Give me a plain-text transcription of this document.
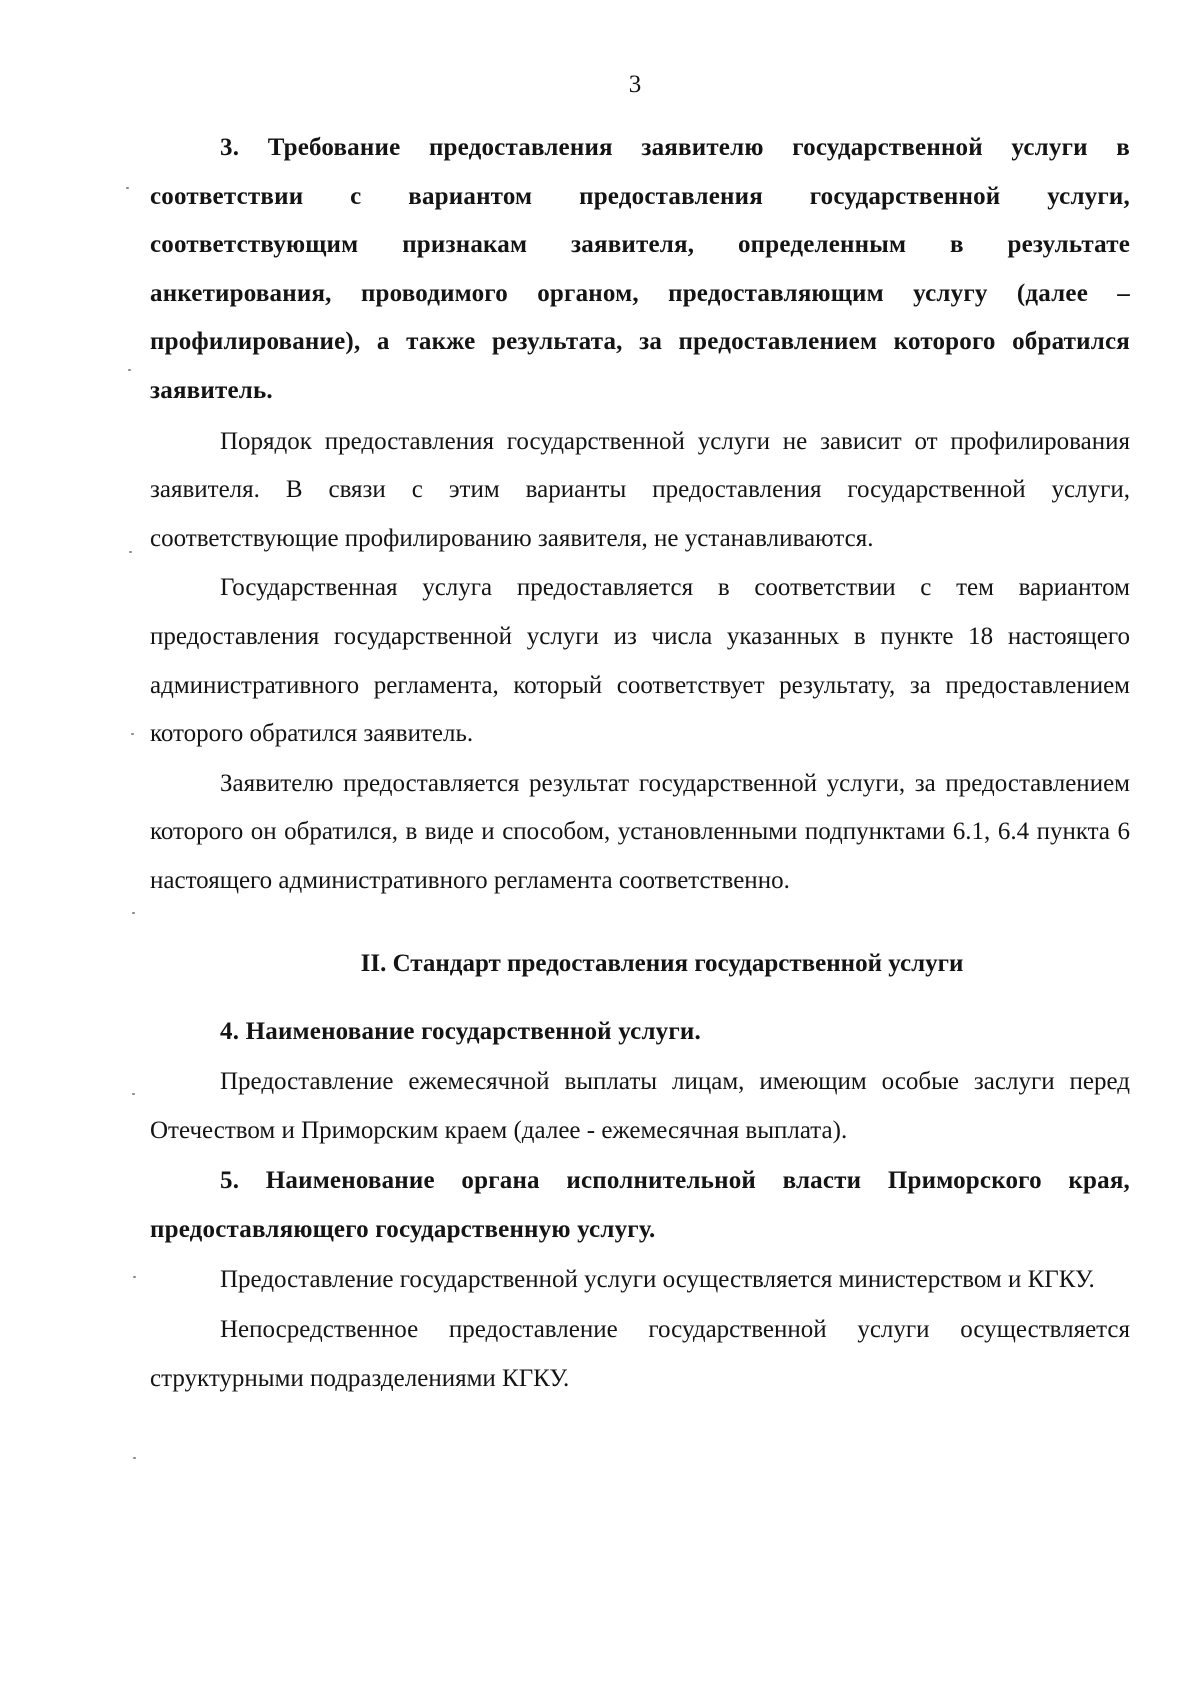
3

3. Требование предоставления заявителю государственной услуги в соответствии с вариантом предоставления государственной услуги, соответствующим признакам заявителя, определенным в результате анкетирования, проводимого органом, предоставляющим услугу (далее – профилирование), а также результата, за предоставлением которого обратился заявитель.

Порядок предоставления государственной услуги не зависит от профилирования заявителя. В связи с этим варианты предоставления государственной услуги, соответствующие профилированию заявителя, не устанавливаются.

Государственная услуга предоставляется в соответствии с тем вариантом предоставления государственной услуги из числа указанных в пункте 18 настоящего административного регламента, который соответствует результату, за предоставлением которого обратился заявитель.

Заявителю предоставляется результат государственной услуги, за предоставлением которого он обратился, в виде и способом, установленными подпунктами 6.1, 6.4 пункта 6 настоящего административного регламента соответственно.

II. Стандарт предоставления государственной услуги

4. Наименование государственной услуги.

Предоставление ежемесячной выплаты лицам, имеющим особые заслуги перед Отечеством и Приморским краем (далее - ежемесячная выплата).

5. Наименование органа исполнительной власти Приморского края, предоставляющего государственную услугу.

Предоставление государственной услуги осуществляется министерством и КГКУ.

Непосредственное предоставление государственной услуги осуществляется структурными подразделениями КГКУ.
